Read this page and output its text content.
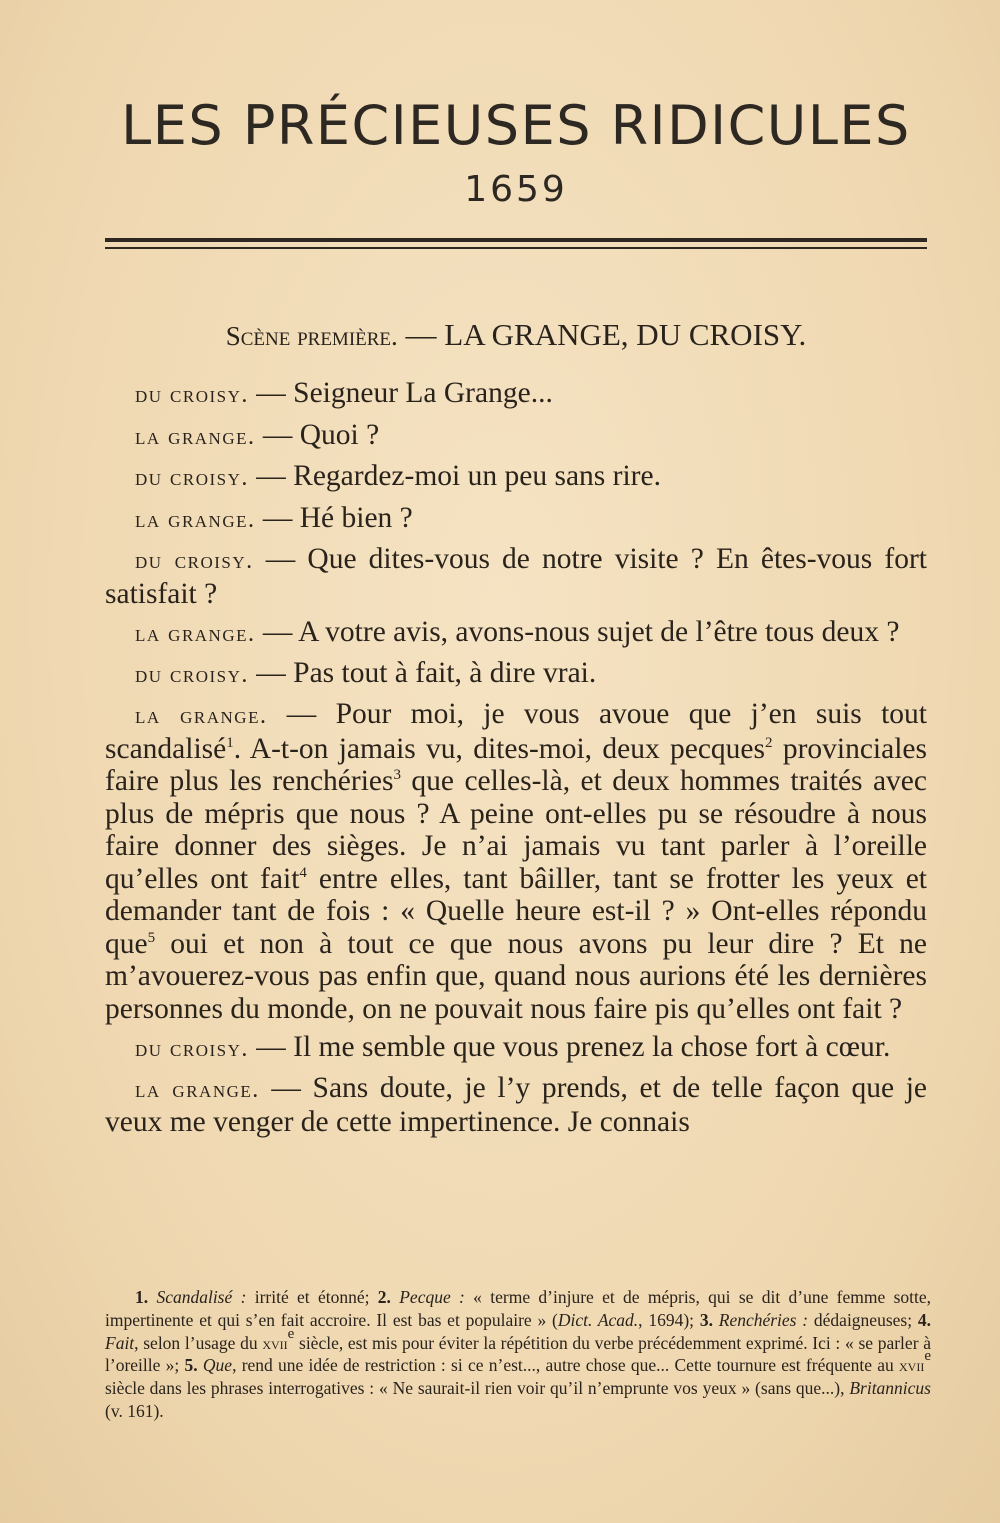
LES PRÉCIEUSES RIDICULES
1659
Scène première. — LA GRANGE, DU CROISY.

du croisy. — Seigneur La Grange...

la grange. — Quoi ?

du croisy. — Regardez-moi un peu sans rire.

la grange. — Hé bien ?

du croisy. — Que dites-vous de notre visite ? En êtes-vous fort satisfait ?

la grange. — A votre avis, avons-nous sujet de l’être tous deux ?

du croisy. — Pas tout à fait, à dire vrai.

la grange. — Pour moi, je vous avoue que j’en suis tout scandalisé$^1$. A-t-on jamais vu, dites-moi, deux pecques$^2$ provinciales faire plus les renchéries$^3$ que celles-là, et deux hommes traités avec plus de mépris que nous ? A peine ont-elles pu se résoudre à nous faire donner des sièges. Je n’ai jamais vu tant parler à l’oreille qu’elles ont fait$^4$ entre elles, tant bâiller, tant se frotter les yeux et demander tant de fois : « Quelle heure est-il ? » Ont-elles répondu que$^5$ oui et non à tout ce que nous avons pu leur dire ? Et ne m’avouerez-vous pas enfin que, quand nous aurions été les dernières personnes du monde, on ne pouvait nous faire pis qu’elles ont fait ?

du croisy. — Il me semble que vous prenez la chose fort à cœur.

la grange. — Sans doute, je l’y prends, et de telle façon que je veux me venger de cette impertinence. Je connais

1. Scandalisé : irrité et étonné; 2. Pecque : « terme d’injure et de mépris, qui se dit d’une femme sotte, impertinente et qui s’en fait accroire. Il est bas et populaire » (Dict. Acad., 1694); 3. Renchéries : dédaigneuses; 4. Fait, selon l’usage du xvii$^e$ siècle, est mis pour éviter la répétition du verbe précédemment exprimé. Ici : « se parler à l’oreille »; 5. Que, rend une idée de restriction : si ce n’est..., autre chose que... Cette tournure est fréquente au xvii$^e$ siècle dans les phrases interrogatives : « Ne saurait-il rien voir qu’il n’emprunte vos yeux » (sans que...), Britannicus (v. 161).
